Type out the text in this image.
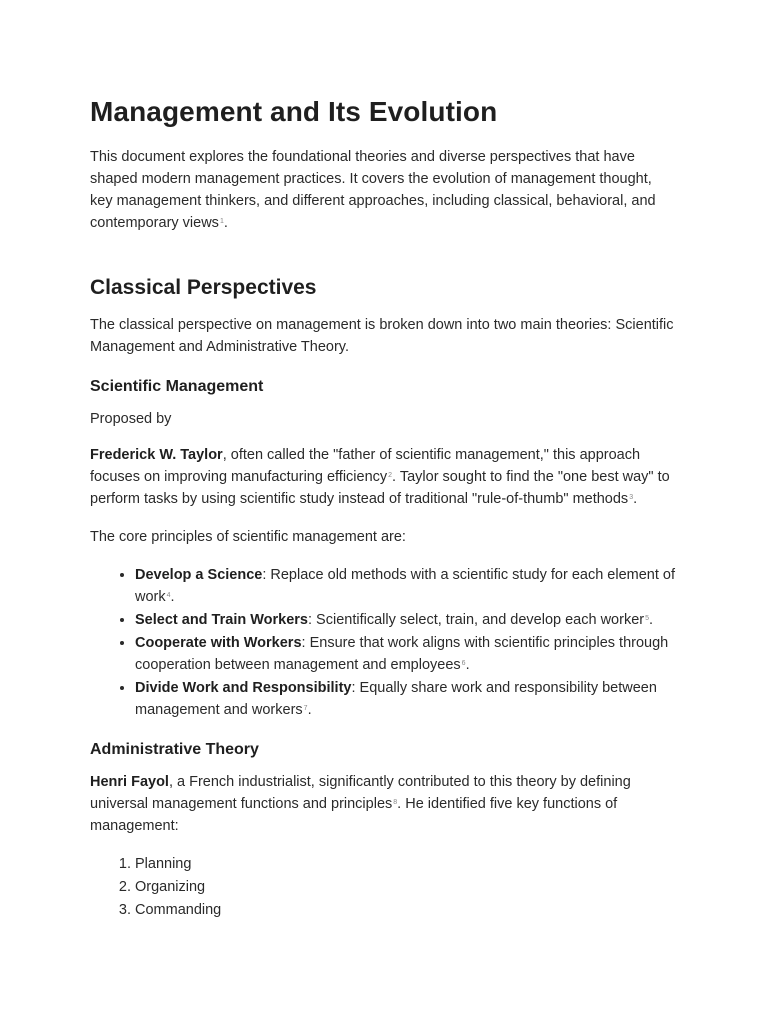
Management and Its Evolution

This document explores the foundational theories and diverse perspectives that have shaped modern management practices. It covers the evolution of management thought, key management thinkers, and different approaches, including classical, behavioral, and contemporary views$^1$.

Classical Perspectives

The classical perspective on management is broken down into two main theories: Scientific Management and Administrative Theory.

Scientific Management

Proposed by

Frederick W. Taylor, often called the "father of scientific management," this approach focuses on improving manufacturing efficiency$^2$. Taylor sought to find the "one best way" to perform tasks by using scientific study instead of traditional "rule-of-thumb" methods$^3$.

The core principles of scientific management are:

• Develop a Science: Replace old methods with a scientific study for each element of work$^4$.
• Select and Train Workers: Scientifically select, train, and develop each worker$^5$.
• Cooperate with Workers: Ensure that work aligns with scientific principles through cooperation between management and employees$^6$.
• Divide Work and Responsibility: Equally share work and responsibility between management and workers$^7$.
Administrative Theory

Henri Fayol, a French industrialist, significantly contributed to this theory by defining universal management functions and principles$^8$. He identified five key functions of management:

1. Planning
2. Organizing
3. Commanding
